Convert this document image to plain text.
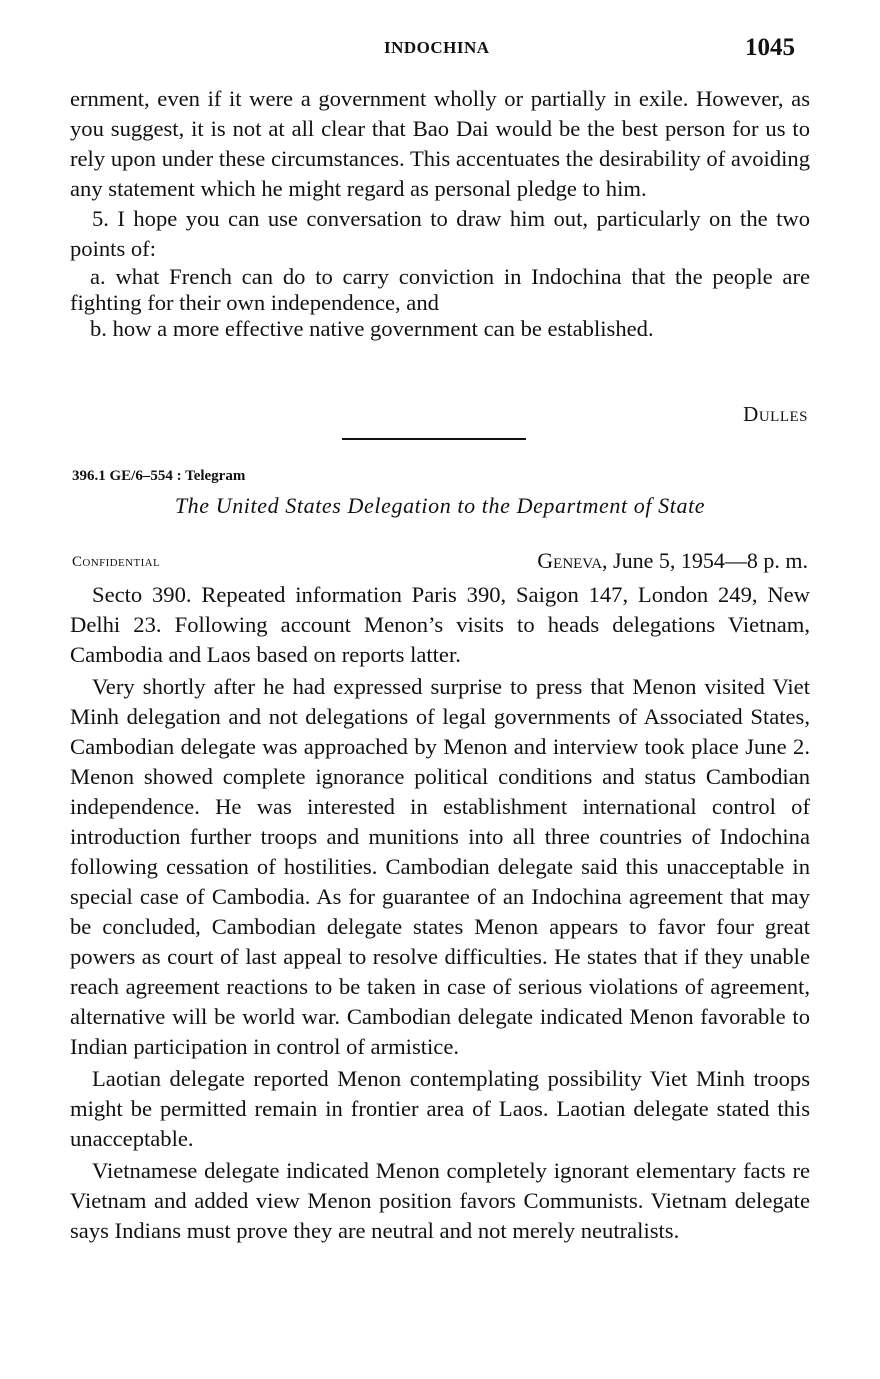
INDOCHINA	1045

ernment, even if it were a government wholly or partially in exile. However, as you suggest, it is not at all clear that Bao Dai would be the best person for us to rely upon under these circumstances. This accentuates the desirability of avoiding any statement which he might regard as personal pledge to him.

5. I hope you can use conversation to draw him out, particularly on the two points of:

a. what French can do to carry conviction in Indochina that the people are fighting for their own independence, and

b. how a more effective native government can be established.

Dulles
396.1 GE/6–554 : Telegram
The United States Delegation to the Department of State
Confidential	Geneva, June 5, 1954—8 p. m.

Secto 390. Repeated information Paris 390, Saigon 147, London 249, New Delhi 23. Following account Menon’s visits to heads delegations Vietnam, Cambodia and Laos based on reports latter.

Very shortly after he had expressed surprise to press that Menon visited Viet Minh delegation and not delegations of legal governments of Associated States, Cambodian delegate was approached by Menon and interview took place June 2. Menon showed complete ignorance political conditions and status Cambodian independence. He was interested in establishment international control of introduction further troops and munitions into all three countries of Indochina following cessation of hostilities. Cambodian delegate said this unacceptable in special case of Cambodia. As for guarantee of an Indochina agreement that may be concluded, Cambodian delegate states Menon appears to favor four great powers as court of last appeal to resolve difficulties. He states that if they unable reach agreement reactions to be taken in case of serious violations of agreement, alternative will be world war. Cambodian delegate indicated Menon favorable to Indian participation in control of armistice.

Laotian delegate reported Menon contemplating possibility Viet Minh troops might be permitted remain in frontier area of Laos. Laotian delegate stated this unacceptable.

Vietnamese delegate indicated Menon completely ignorant elementary facts re Vietnam and added view Menon position favors Communists. Vietnam delegate says Indians must prove they are neutral and not merely neutralists.
